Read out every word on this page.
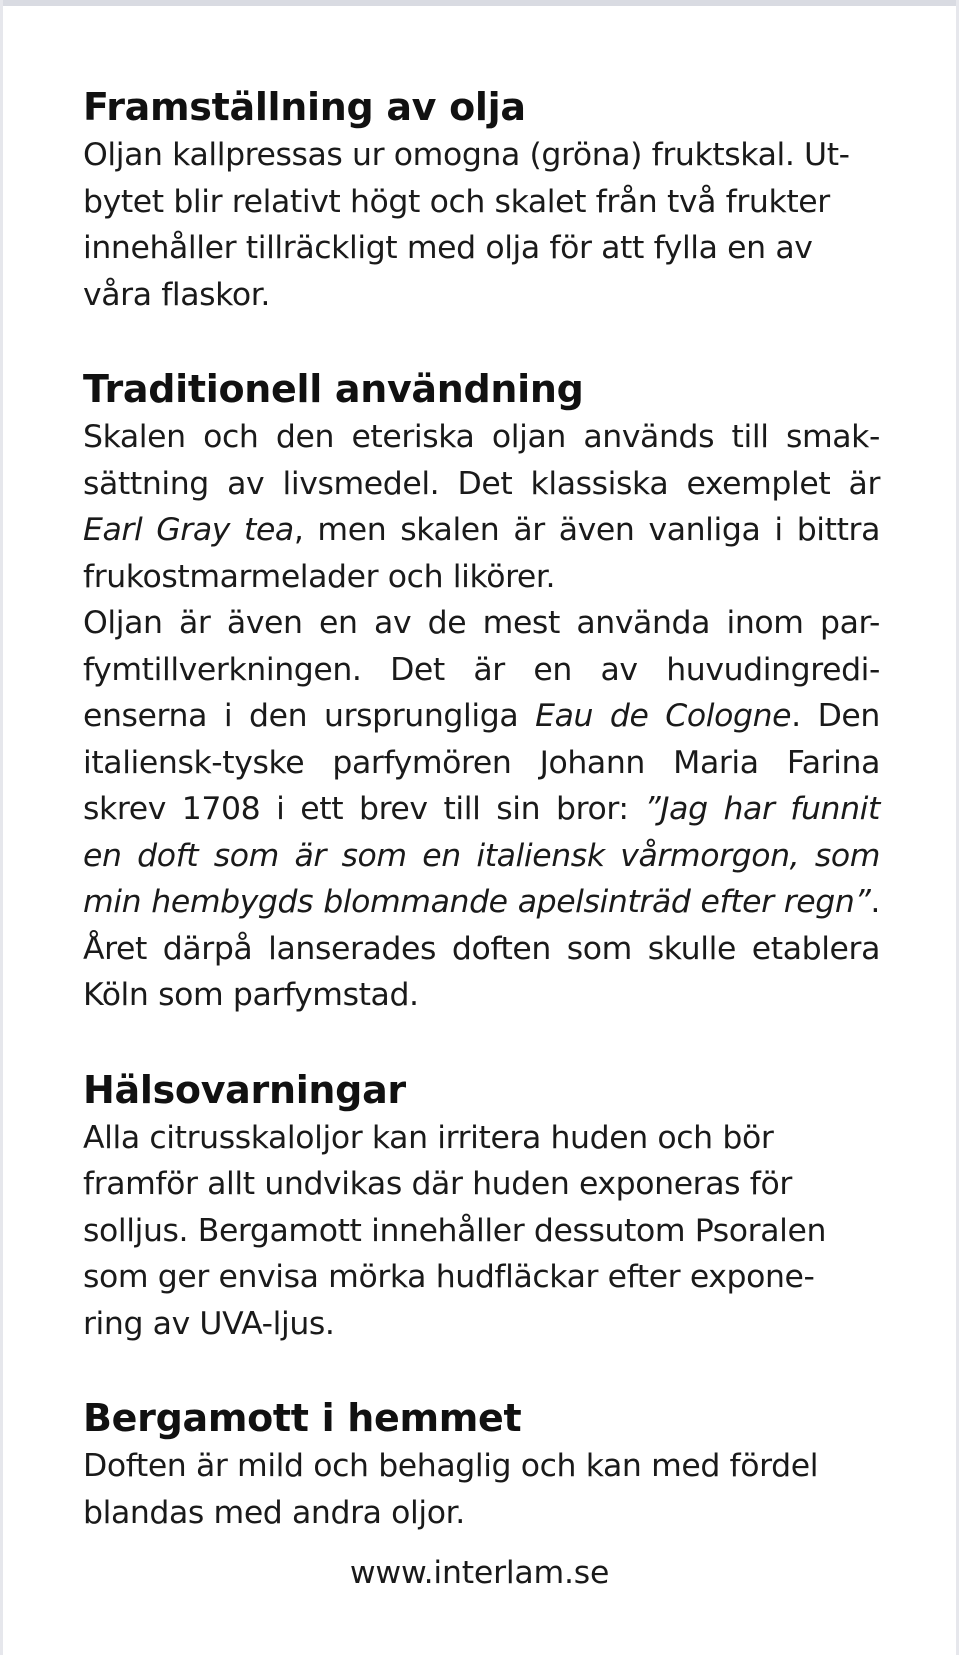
Framställning av olja

Oljan kallpressas ur omogna (gröna) fruktskal. Ut-
bytet blir relativt högt och skalet från två frukter
innehåller tillräckligt med olja för att fylla en av
våra flaskor.

Traditionell användning

Skalen och den eteriska oljan används till smak-
sättning av livsmedel. Det klassiska exemplet är
Earl Gray tea, men skalen är även vanliga i bittra
frukostmarmelader och likörer.

Oljan är även en av de mest använda inom par-
fymtillverkningen. Det är en av huvudingredi-
enserna i den ursprungliga Eau de Cologne. Den
italiensk-tyske parfymören Johann Maria Farina
skrev 1708 i ett brev till sin bror: ”Jag har funnit
en doft som är som en italiensk vårmorgon, som
min hembygds blommande apelsinträd efter regn”.
Året därpå lanserades doften som skulle etablera
Köln som parfymstad.

Hälsovarningar

Alla citrusskaloljor kan irritera huden och bör
framför allt undvikas där huden exponeras för
solljus. Bergamott innehåller dessutom Psoralen
som ger envisa mörka hudfläckar efter expone-
ring av UVA-ljus.

Bergamott i hemmet

Doften är mild och behaglig och kan med fördel
blandas med andra oljor.

www.interlam.se
